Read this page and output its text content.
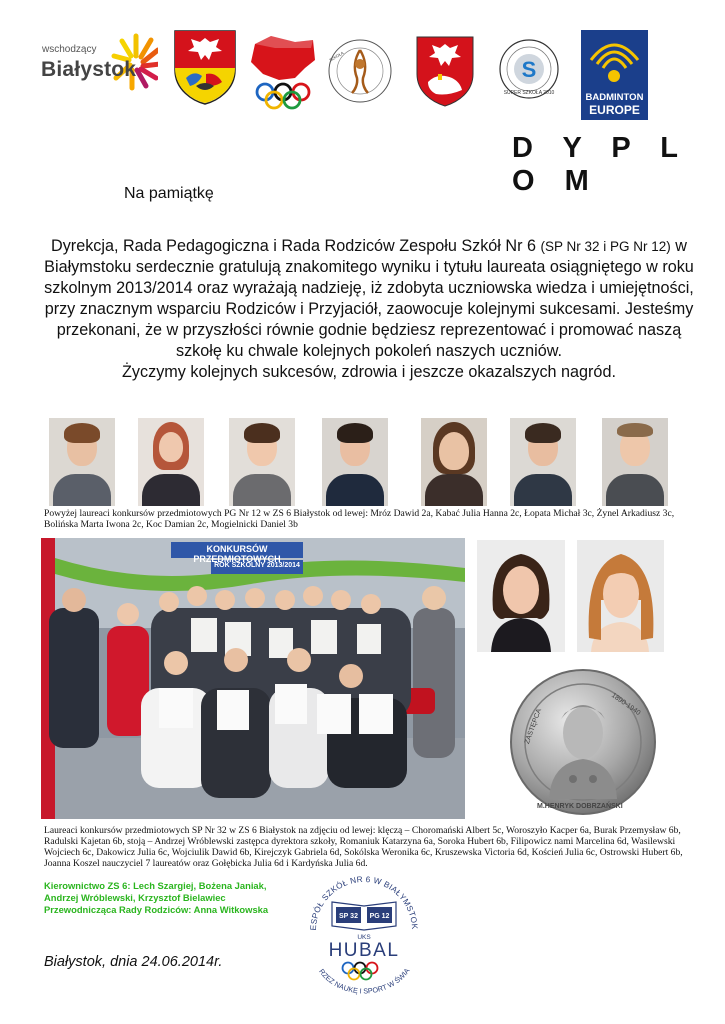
wschodzący
Białystok
SZKOŁA
S
SUPER SZKOŁA 2010	BADMINTON
EUROPE
D Y P L O M
Na pamiątkę
Dyrekcja, Rada Pedagogiczna i Rada Rodziców Zespołu Szkół Nr 6 (SP Nr 32 i PG Nr 12) w Białymstoku serdecznie gratulują znakomitego wyniku i tytułu laureata osiągniętego w roku szkolnym 2013/2014 oraz wyrażają nadzieję, iż zdobyta uczniowska wiedza i umiejętności, przy znacznym wsparciu Rodziców i Przyjaciół, zaowocuje kolejnymi sukcesami. Jesteśmy przekonani, że w przyszłości równie godnie będziesz reprezentować i promować naszą szkołę ku chwale kolejnych pokoleń naszych uczniów.
Życzymy kolejnych sukcesów, zdrowia i jeszcze okazalszych nagród.
Powyżej laureaci konkursów przedmiotowych PG Nr 12 w ZS 6 Białystok od lewej: Mróz Dawid 2a, Kabać Julia Hanna 2c, Łopata Michał 3c, Żynel Arkadiusz 3c, Bolińska Marta Iwona 2c, Koc Damian 2c, Mogielnicki Daniel 3b
KONKURSÓW PRZEDMIOTOWYCH
ROK SZKOLNY 2013/2014
ZASTĘPCA
1890-1940
M.HENRYK DOBRZAŃSKI
Laureaci konkursów przedmiotowych SP Nr 32 w ZS 6 Białystok na zdjęciu od lewej: klęczą – Choromański Albert 5c, Woroszyło Kacper 6a, Burak Przemysław 6b, Radulski Kajetan 6b, stoją – Andrzej Wróblewski zastępca dyrektora szkoły, Romaniuk Katarzyna 6a, Soroka Hubert 6b, Filipowicz nami Marcelina 6d, Wasilewski Wojciech 6c, Dakowicz Julia 6c, Wojciulik Dawid 6b, Kirejczyk Gabriela 6d, Sokólska Weronika 6c, Kruszewska Victoria 6d, Koścień Julia 6c, Ostrowski Hubert 6b, Joanna Koszel nauczyciel 7 laureatów oraz Gołębicka Julia 6d i Kardyńska Julia 6d.
Kierownictwo ZS 6: Lech Szargiej, Bożena Janiak,
Andrzej Wróblewski, Krzysztof Bielawiec
Przewodnicząca Rady Rodziców: Anna Witkowska
Białystok, dnia 24.06.2014r.
ESPÓŁ SZKÓŁ NR 6 W BIAŁYMSTOK
RZEZ NAUKĘ I SPORT W ŚWIA
SP 32 PG 12
UKS
HUBAL
